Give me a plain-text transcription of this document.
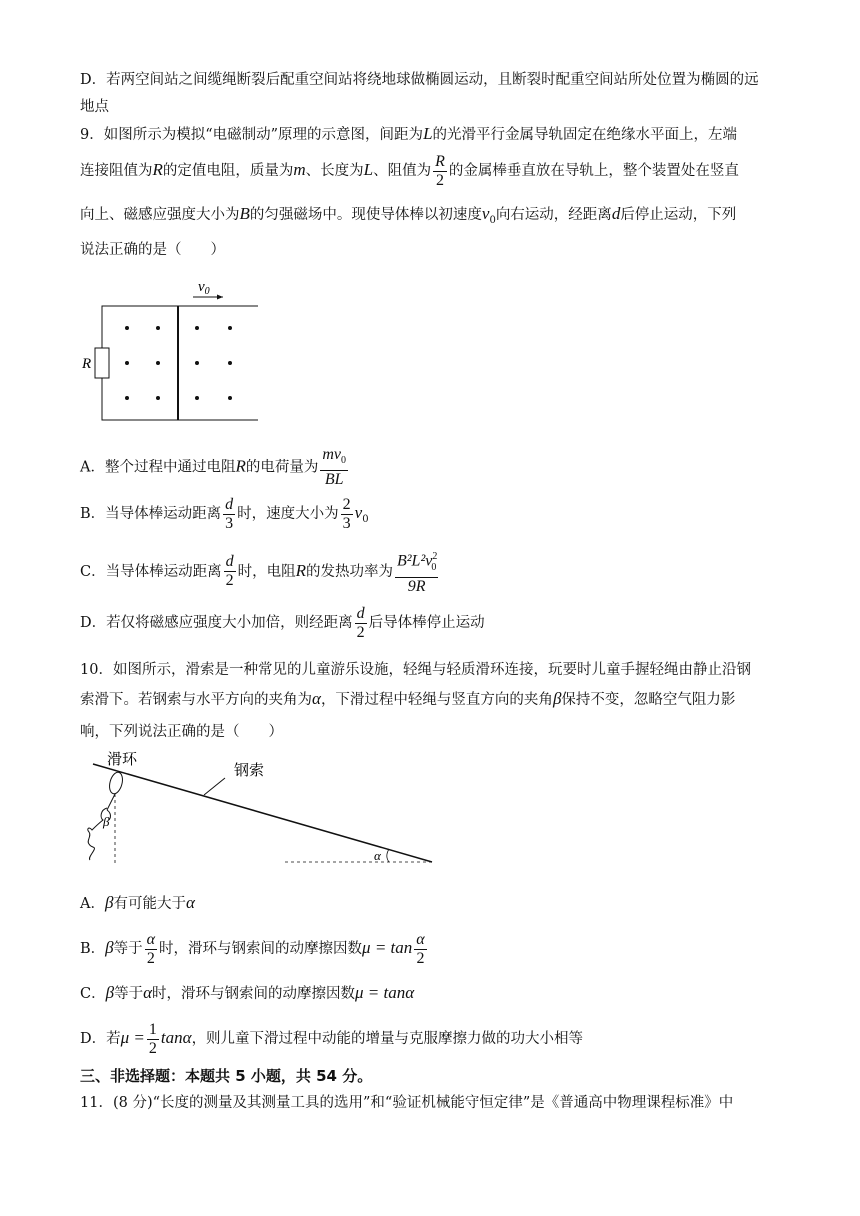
D．若两空间站之间缆绳断裂后配重空间站将绕地球做椭圆运动，且断裂时配重空间站所处位置为椭圆的远
地点
9．如图所示为模拟“电磁制动”原理的示意图，间距为L的光滑平行金属导轨固定在绝缘水平面上，左端
连接阻值为R的定值电阻，质量为m、长度为L、阻值为 $\frac{R}{2}$ 的金属棒垂直放在导轨上，整个装置处在竖直
向上、磁感应强度大小为B的匀强磁场中。现使导体棒以初速度$v_0$向右运动，经距离d后停止运动，下列
说法正确的是（　　）
$v_0$
R
A．整个过程中通过电阻R的电荷量为 $\frac{mv_0}{BL}$
B．当导体棒运动距离 $\frac{d}{3}$ 时，速度大小为 $\frac{2}{3} v_0$
C．当导体棒运动距离 $\frac{d}{2}$ 时，电阻R的发热功率为 $\frac{B^2L^2v^2_0}{9R}$
D．若仅将磁感应强度大小加倍，则经距离 $\frac{d}{2}$ 后导体棒停止运动
10．如图所示，滑索是一种常见的儿童游乐设施，轻绳与轻质滑环连接，玩要时儿童手握轻绳由静止沿钢
索滑下。若钢索与水平方向的夹角为α，下滑过程中轻绳与竖直方向的夹角β保持不变，忽略空气阻力影
响，下列说法正确的是（　　）
滑环
钢索
β
α
A．β有可能大于α
B．β等于 $\frac{\alpha}{2}$ 时，滑环与钢索间的动摩擦因数$\mu = \tan \frac{\alpha}{2}$
C．β等于α时，滑环与钢索间的动摩擦因数μ = tanα
D．若$\mu = \frac{1}{2}$ tanα，则儿童下滑过程中动能的增量与克服摩擦力做的功大小相等
三、非选择题：本题共 5 小题，共 54 分。
11．(8 分)“长度的测量及其测量工具的选用”和“验证机械能守恒定律”是《普通高中物理课程标准》中
